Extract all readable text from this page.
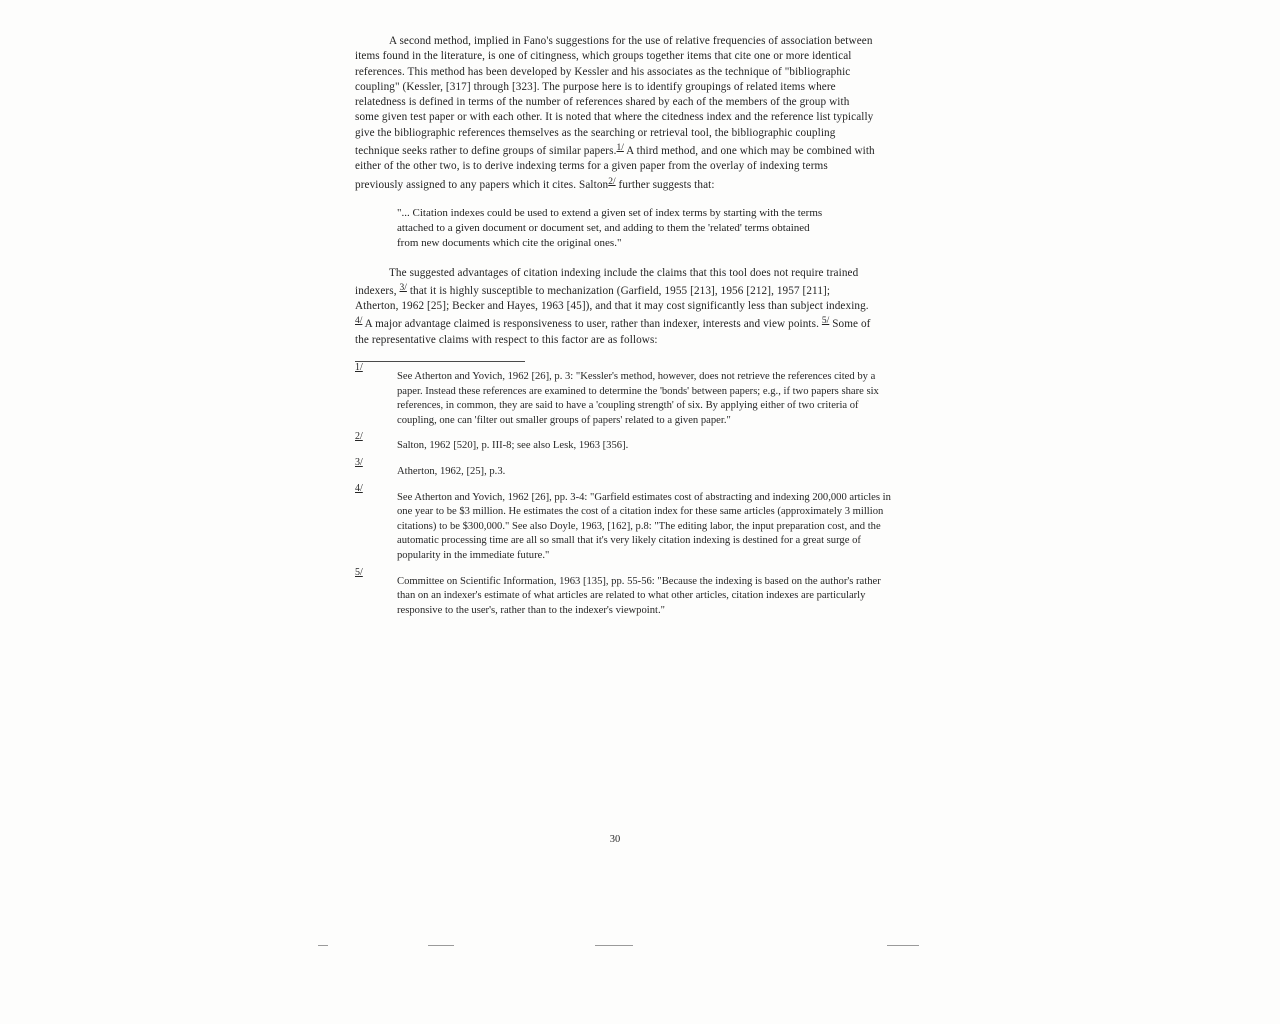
A second method, implied in Fano's suggestions for the use of relative frequencies of association between items found in the literature, is one of citingness, which groups together items that cite one or more identical references. This method has been developed by Kessler and his associates as the technique of "bibliographic coupling" (Kessler, [317] through [323]. The purpose here is to identify groupings of related items where relatedness is defined in terms of the number of references shared by each of the members of the group with some given test paper or with each other. It is noted that where the citedness index and the reference list typically give the bibliographic references themselves as the searching or retrieval tool, the bibliographic coupling technique seeks rather to define groups of similar papers.$^{1/}$ A third method, and one which may be combined with either of the other two, is to derive indexing terms for a given paper from the overlay of indexing terms previously assigned to any papers which it cites. Salton$^{2/}$ further suggests that:

"... Citation indexes could be used to extend a given set of index terms by starting with the terms attached to a given document or document set, and adding to them the 'related' terms obtained from new documents which cite the original ones."

The suggested advantages of citation indexing include the claims that this tool does not require trained indexers, $^{3/}$ that it is highly susceptible to mechanization (Garfield, 1955 [213], 1956 [212], 1957 [211]; Atherton, 1962 [25]; Becker and Hayes, 1963 [45]), and that it may cost significantly less than subject indexing. $^{4/}$ A major advantage claimed is responsiveness to user, rather than indexer, interests and view points. $^{5/}$ Some of the representative claims with respect to this factor are as follows:

1/
See Atherton and Yovich, 1962 [26], p. 3: "Kessler's method, however, does not retrieve the references cited by a paper. Instead these references are examined to determine the 'bonds' between papers; e.g., if two papers share six references, in common, they are said to have a 'coupling strength' of six. By applying either of two criteria of coupling, one can 'filter out smaller groups of papers' related to a given paper."
2/
Salton, 1962 [520], p. III-8; see also Lesk, 1963 [356].
3/
Atherton, 1962, [25], p.3.
4/
See Atherton and Yovich, 1962 [26], pp. 3-4: "Garfield estimates cost of abstracting and indexing 200,000 articles in one year to be $3 million. He estimates the cost of a citation index for these same articles (approximately 3 million citations) to be $300,000." See also Doyle, 1963, [162], p.8: "The editing labor, the input preparation cost, and the automatic processing time are all so small that it's very likely citation indexing is destined for a great surge of popularity in the immediate future."
5/
Committee on Scientific Information, 1963 [135], pp. 55-56: "Because the indexing is based on the author's rather than on an indexer's estimate of what articles are related to what other articles, citation indexes are particularly responsive to the user's, rather than to the indexer's viewpoint."
30
